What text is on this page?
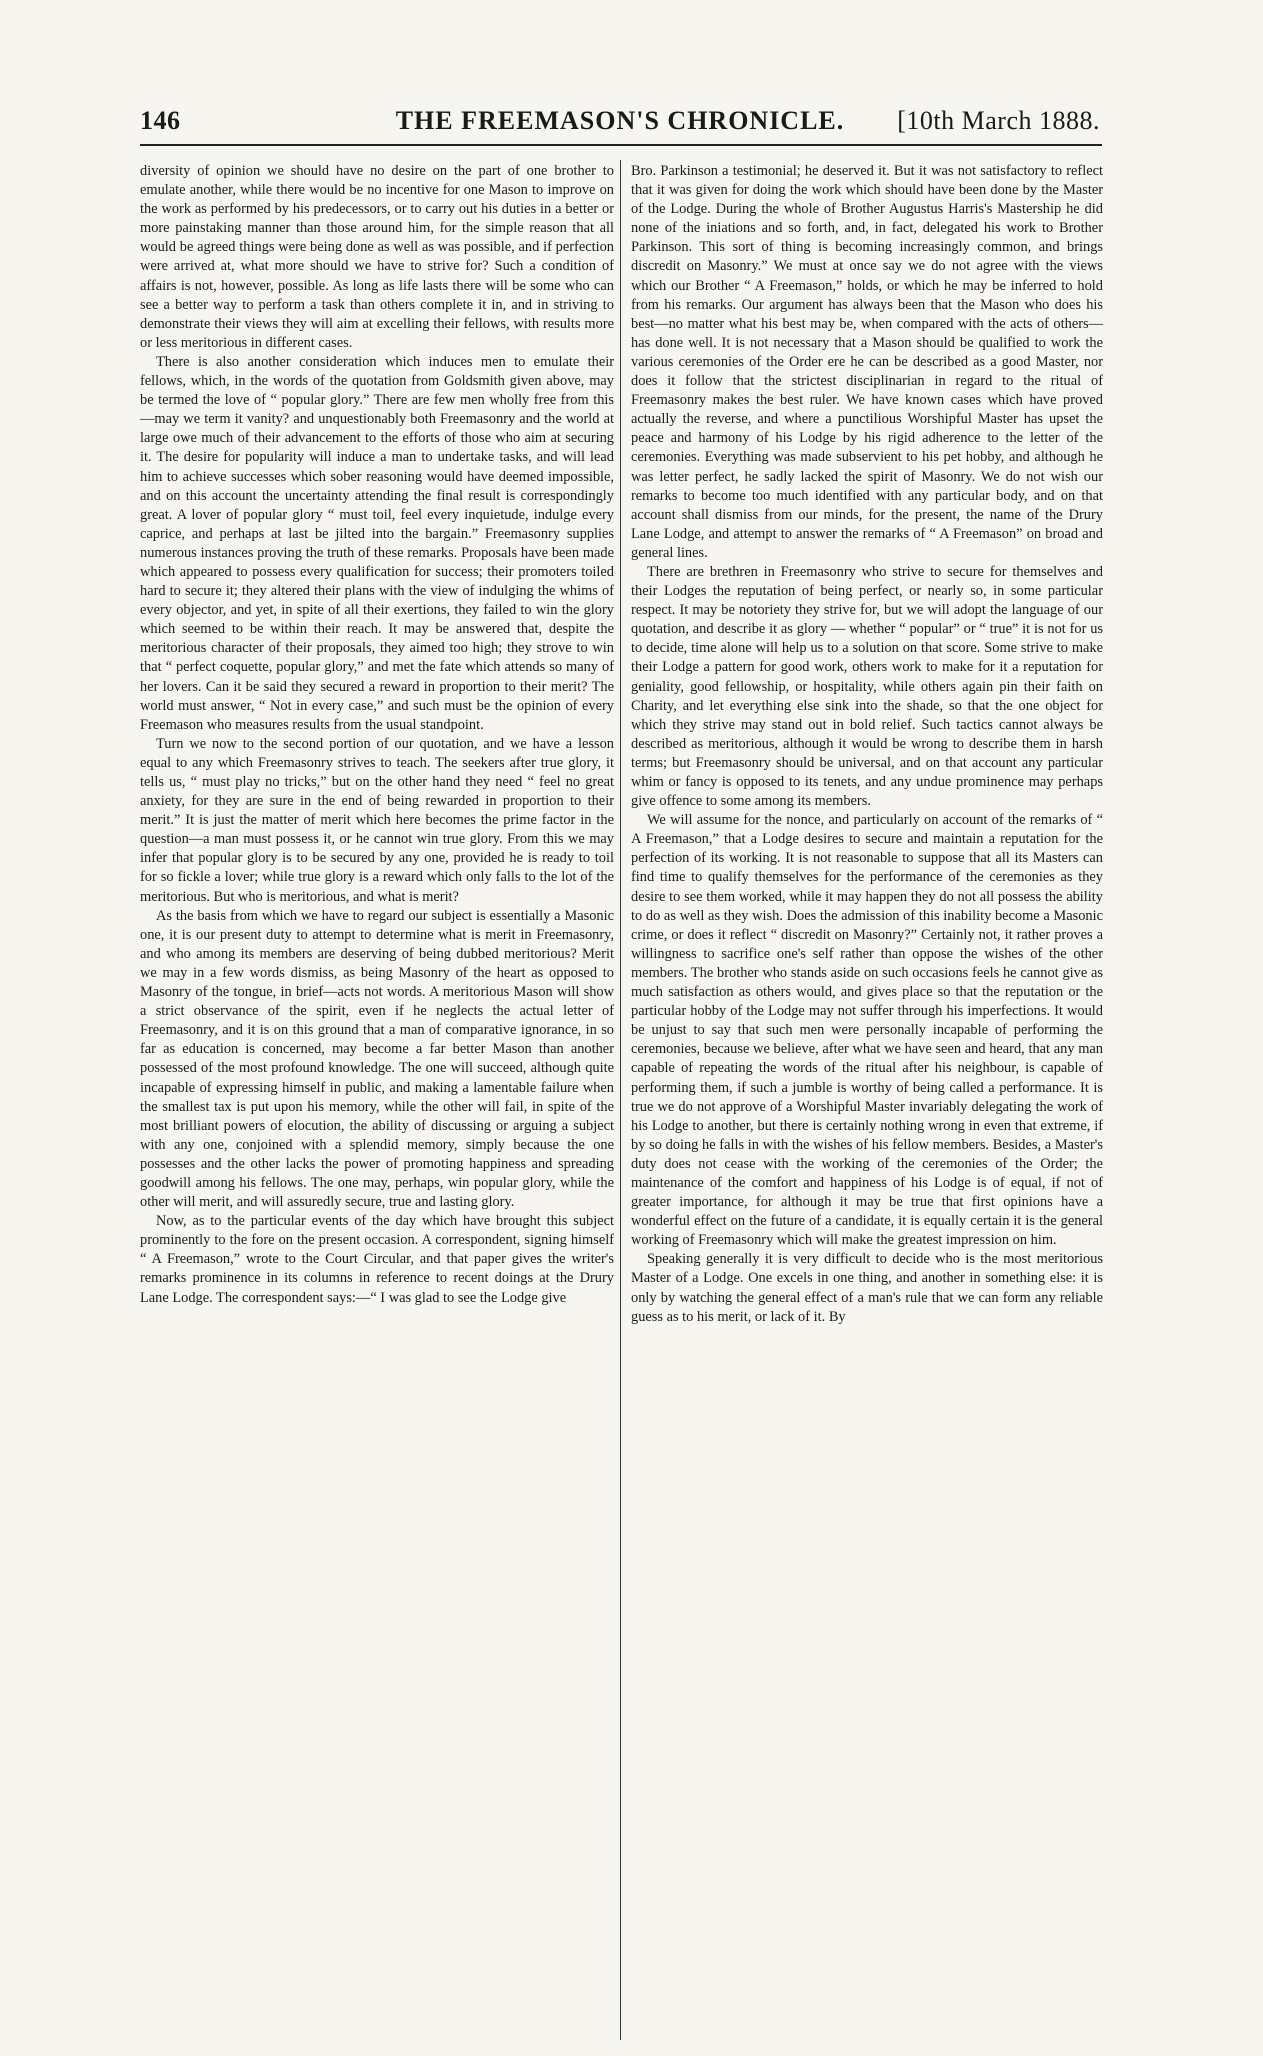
146	THE FREEMASON'S CHRONICLE.	[10th March 1888.

diversity of opinion we should have no desire on the part of one brother to emulate another, while there would be no incentive for one Mason to improve on the work as performed by his predecessors, or to carry out his duties in a better or more painstaking manner than those around him, for the simple reason that all would be agreed things were being done as well as was possible, and if perfection were arrived at, what more should we have to strive for? Such a condition of affairs is not, however, possible. As long as life lasts there will be some who can see a better way to perform a task than others complete it in, and in striving to demonstrate their views they will aim at excelling their fellows, with results more or less meritorious in different cases.

There is also another consideration which induces men to emulate their fellows, which, in the words of the quotation from Goldsmith given above, may be termed the love of “ popular glory.” There are few men wholly free from this—may we term it vanity? and unquestionably both Freemasonry and the world at large owe much of their advancement to the efforts of those who aim at securing it. The desire for popularity will induce a man to undertake tasks, and will lead him to achieve successes which sober reasoning would have deemed impossible, and on this account the uncertainty attending the final result is correspondingly great. A lover of popular glory “ must toil, feel every inquietude, indulge every caprice, and perhaps at last be jilted into the bargain.” Freemasonry supplies numerous instances proving the truth of these remarks. Proposals have been made which appeared to possess every qualification for success; their promoters toiled hard to secure it; they altered their plans with the view of indulging the whims of every objector, and yet, in spite of all their exertions, they failed to win the glory which seemed to be within their reach. It may be answered that, despite the meritorious character of their proposals, they aimed too high; they strove to win that “ perfect coquette, popular glory,” and met the fate which attends so many of her lovers. Can it be said they secured a reward in proportion to their merit? The world must answer, “ Not in every case,” and such must be the opinion of every Freemason who measures results from the usual standpoint.

Turn we now to the second portion of our quotation, and we have a lesson equal to any which Freemasonry strives to teach. The seekers after true glory, it tells us, “ must play no tricks,” but on the other hand they need “ feel no great anxiety, for they are sure in the end of being rewarded in proportion to their merit.” It is just the matter of merit which here becomes the prime factor in the question—a man must possess it, or he cannot win true glory. From this we may infer that popular glory is to be secured by any one, provided he is ready to toil for so fickle a lover; while true glory is a reward which only falls to the lot of the meritorious. But who is meritorious, and what is merit?

As the basis from which we have to regard our subject is essentially a Masonic one, it is our present duty to attempt to determine what is merit in Freemasonry, and who among its members are deserving of being dubbed meritorious? Merit we may in a few words dismiss, as being Masonry of the heart as opposed to Masonry of the tongue, in brief—acts not words. A meritorious Mason will show a strict observance of the spirit, even if he neglects the actual letter of Freemasonry, and it is on this ground that a man of comparative ignorance, in so far as education is concerned, may become a far better Mason than another possessed of the most profound knowledge. The one will succeed, although quite incapable of expressing himself in public, and making a lamentable failure when the smallest tax is put upon his memory, while the other will fail, in spite of the most brilliant powers of elocution, the ability of discussing or arguing a subject with any one, conjoined with a splendid memory, simply because the one possesses and the other lacks the power of promoting happiness and spreading goodwill among his fellows. The one may, perhaps, win popular glory, while the other will merit, and will assuredly secure, true and lasting glory.

Now, as to the particular events of the day which have brought this subject prominently to the fore on the present occasion. A correspondent, signing himself “ A Freemason,” wrote to the Court Circular, and that paper gives the writer's remarks prominence in its columns in reference to recent doings at the Drury Lane Lodge. The correspondent says:—“ I was glad to see the Lodge give

Bro. Parkinson a testimonial; he deserved it. But it was not satisfactory to reflect that it was given for doing the work which should have been done by the Master of the Lodge. During the whole of Brother Augustus Harris's Mastership he did none of the iniations and so forth, and, in fact, delegated his work to Brother Parkinson. This sort of thing is becoming increasingly common, and brings discredit on Masonry.” We must at once say we do not agree with the views which our Brother “ A Freemason,” holds, or which he may be inferred to hold from his remarks. Our argument has always been that the Mason who does his best—no matter what his best may be, when compared with the acts of others—has done well. It is not necessary that a Mason should be qualified to work the various ceremonies of the Order ere he can be described as a good Master, nor does it follow that the strictest disciplinarian in regard to the ritual of Freemasonry makes the best ruler. We have known cases which have proved actually the reverse, and where a punctilious Worshipful Master has upset the peace and harmony of his Lodge by his rigid adherence to the letter of the ceremonies. Everything was made subservient to his pet hobby, and although he was letter perfect, he sadly lacked the spirit of Masonry. We do not wish our remarks to become too much identified with any particular body, and on that account shall dismiss from our minds, for the present, the name of the Drury Lane Lodge, and attempt to answer the remarks of “ A Freemason” on broad and general lines.

There are brethren in Freemasonry who strive to secure for themselves and their Lodges the reputation of being perfect, or nearly so, in some particular respect. It may be notoriety they strive for, but we will adopt the language of our quotation, and describe it as glory — whether “ popular” or “ true” it is not for us to decide, time alone will help us to a solution on that score. Some strive to make their Lodge a pattern for good work, others work to make for it a reputation for geniality, good fellowship, or hospitality, while others again pin their faith on Charity, and let everything else sink into the shade, so that the one object for which they strive may stand out in bold relief. Such tactics cannot always be described as meritorious, although it would be wrong to describe them in harsh terms; but Freemasonry should be universal, and on that account any particular whim or fancy is opposed to its tenets, and any undue prominence may perhaps give offence to some among its members.

We will assume for the nonce, and particularly on account of the remarks of “ A Freemason,” that a Lodge desires to secure and maintain a reputation for the perfection of its working. It is not reasonable to suppose that all its Masters can find time to qualify themselves for the performance of the ceremonies as they desire to see them worked, while it may happen they do not all possess the ability to do as well as they wish. Does the admission of this inability become a Masonic crime, or does it reflect “ discredit on Masonry?” Certainly not, it rather proves a willingness to sacrifice one's self rather than oppose the wishes of the other members. The brother who stands aside on such occasions feels he cannot give as much satisfaction as others would, and gives place so that the reputation or the particular hobby of the Lodge may not suffer through his imperfections. It would be unjust to say that such men were personally incapable of performing the ceremonies, because we believe, after what we have seen and heard, that any man capable of repeating the words of the ritual after his neighbour, is capable of performing them, if such a jumble is worthy of being called a performance. It is true we do not approve of a Worshipful Master invariably delegating the work of his Lodge to another, but there is certainly nothing wrong in even that extreme, if by so doing he falls in with the wishes of his fellow members. Besides, a Master's duty does not cease with the working of the ceremonies of the Order; the maintenance of the comfort and happiness of his Lodge is of equal, if not of greater importance, for although it may be true that first opinions have a wonderful effect on the future of a candidate, it is equally certain it is the general working of Freemasonry which will make the greatest impression on him.

Speaking generally it is very difficult to decide who is the most meritorious Master of a Lodge. One excels in one thing, and another in something else: it is only by watching the general effect of a man's rule that we can form any reliable guess as to his merit, or lack of it. By
